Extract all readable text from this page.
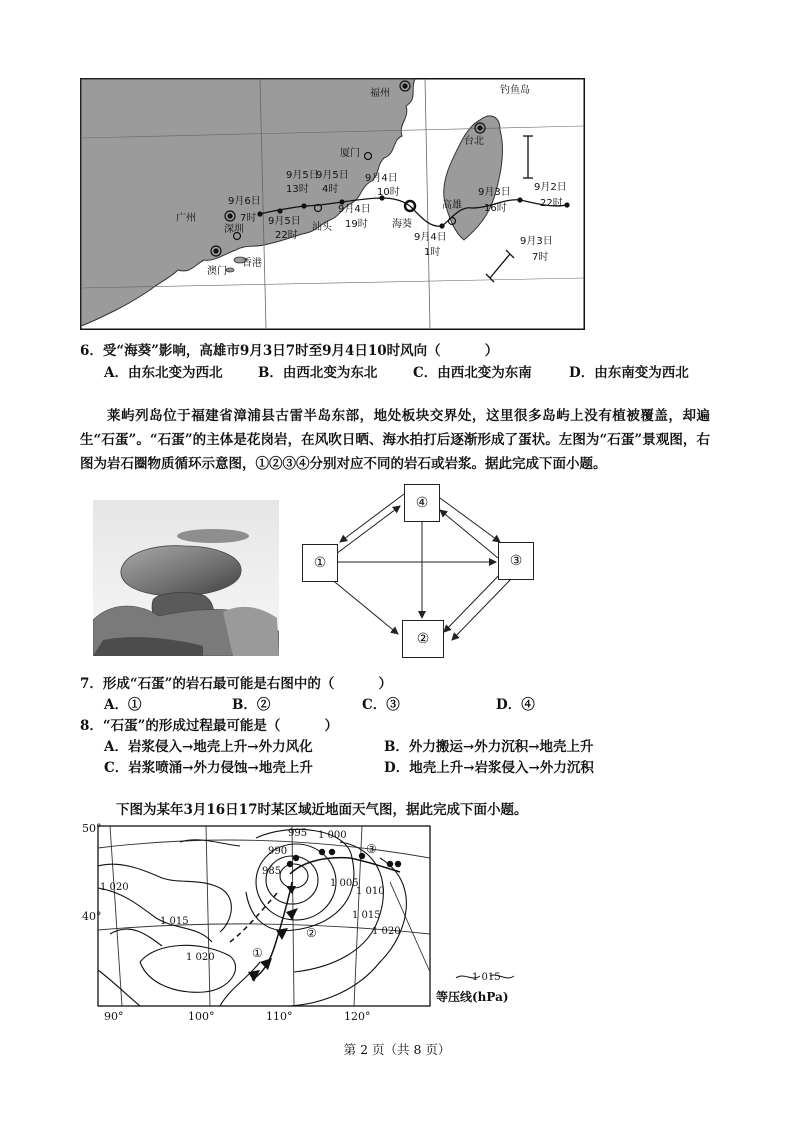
福州	钓鱼岛
台北
厦门
广州
深圳
香港
澳门
汕头
高雄
9月6日
7时
9月5日
13时
9月5日
4时
9月4日
10时	9月3日
16时
9月2日
22时
9月5日
22时
9月4日
19时
9月4日
1时
9月3日
7时
海葵
6．受“海葵”影响，高雄市9月3日7时至9月4日10时风向（	）
A．由东北变为西北	B．由西北变为东北	C．由西北变为东南	D．由东南变为西北
莱屿列岛位于福建省漳浦县古雷半岛东部，地处板块交界处，这里很多岛屿上没有植被覆盖，却遍生“石蛋”。“石蛋”的主体是花岗岩，在风吹日晒、海水拍打后逐渐形成了蛋状。左图为“石蛋”景观图，右图为岩石圈物质循环示意图，①②③④分别对应不同的岩石或岩浆。据此完成下面小题。
④
①	③
②
7．形成“石蛋”的岩石最可能是右图中的（	）
A．①	B．②	C．③	D．④
8．“石蛋”的形成过程最可能是（	）
A．岩浆侵入→地壳上升→外力风化	B．外力搬运→外力沉积→地壳上升
C．岩浆喷涌→外力侵蚀→地壳上升	D．地壳上升→岩浆侵入→外力沉积
下图为某年3月16日17时某区域近地面天气图，据此完成下面小题。
50°
40°
90°	100°	110°	120°
995 1 000
990
985
1 005
1 010
1 020
1 015
1 015
1 020
1 020	①
②
③
1 015
等压线(hPa)
第 2 页（共 8 页）
